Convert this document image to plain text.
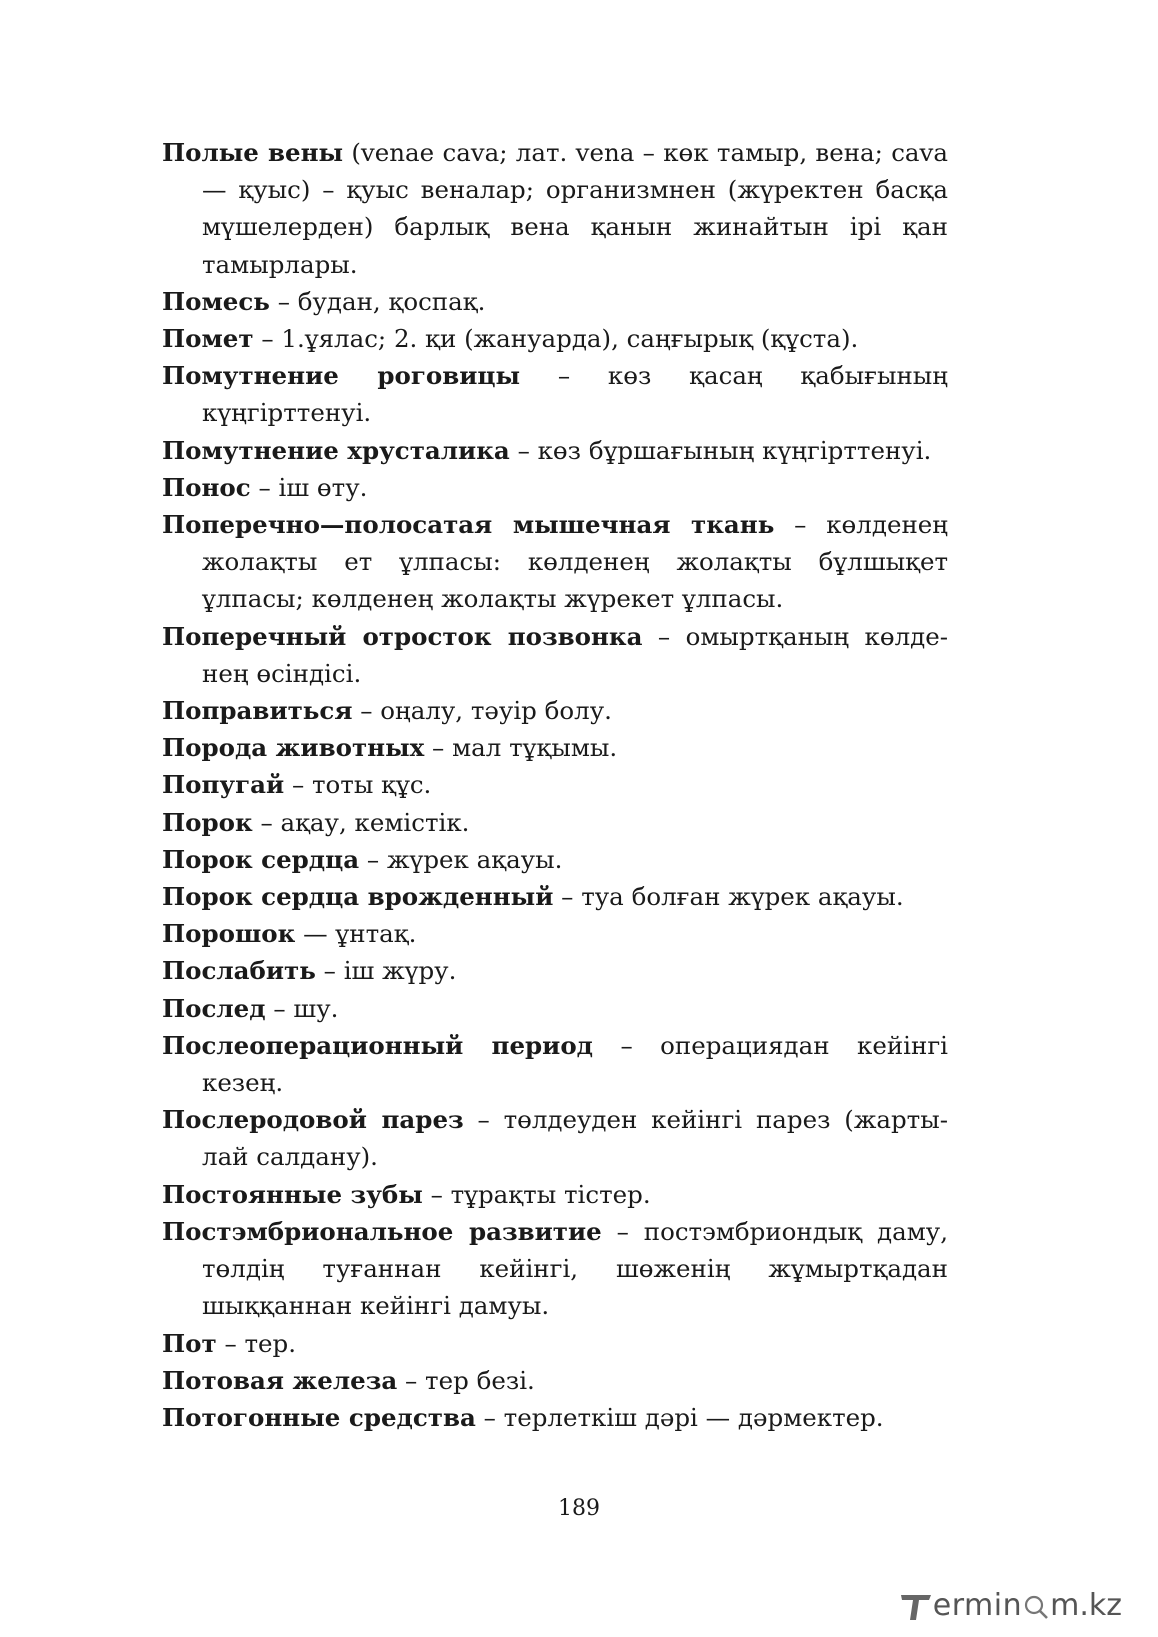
Полые вены (venae cava; лат. vena – көк тамыр, вена; cava — қуыс) – қуыс веналар; организмнен (жүректен басқа мүшелерден) барлық вена қанын жинайтын ірі қан тамырлары.

Помесь – будан, қоспақ.

Помет – 1.ұялас; 2. қи (жануарда), саңғырық (құста).

Помутнение роговицы – көз қасаң қабығының күңгірттенуі.

Помутнение хрусталика – көз бұршағының күңгірттенуі.

Понос – іш өту.

Поперечно—полосатая мышечная ткань – көлденең жолақты ет ұлпасы: көлденең жолақты бұлшықет ұлпасы; көлденең жолақты жүрекет ұлпасы.

Поперечный отросток позвонка – омыртқаның көлде-нең өсіндісі.

Поправиться – оңалу, тәуір болу.

Порода животных – мал тұқымы.

Попугай – тоты құс.

Порок – ақау, кемістік.

Порок сердца – жүрек ақауы.

Порок сердца врожденный – туа болған жүрек ақауы.

Порошок — ұнтақ.

Послабить – іш жүру.

Послед – шу.

Послеоперационный период – операциядан кейінгі кезең.

Послеродовой парез – төлдеуден кейінгі парез (жарты-лай салдану).

Постоянные зубы – тұрақты тістер.

Постэмбриональное развитие – постэмбриондық даму, төлдің туғаннан кейінгі, шөженің жұмыртқадан шыққаннан кейінгі дамуы.

Пот – тер.

Потовая железа – тер безі.

Потогонные средства – терлеткіш дәрі — дәрмектер.

189
ermin m.kz
